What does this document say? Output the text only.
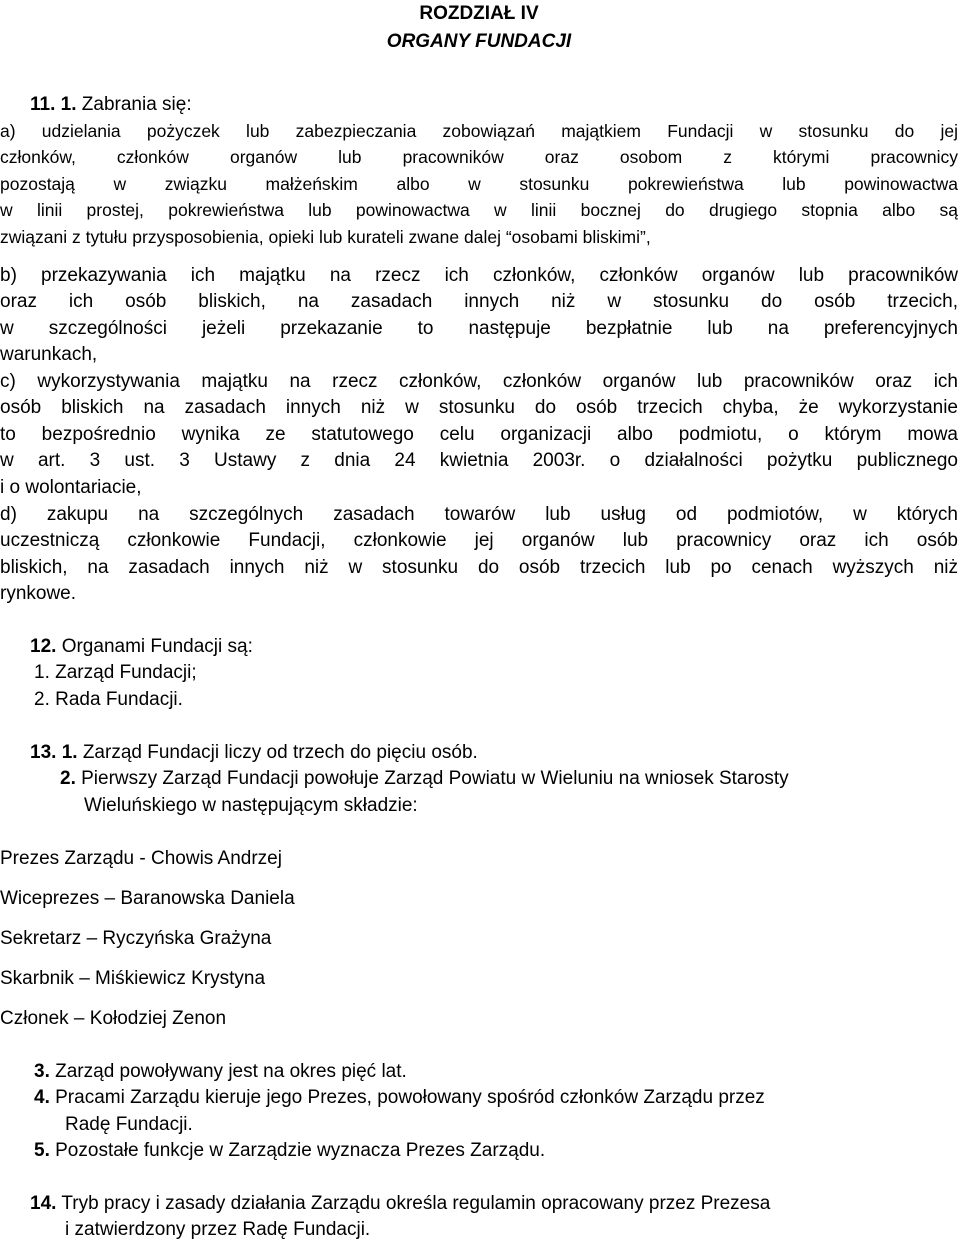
ROZDZIAŁ IV

ORGANY FUNDACJI

11. 1. Zabrania się:
a) udzielania pożyczek lub zabezpieczania zobowiązań majątkiem Fundacji w stosunku do jej
członków, członków organów lub pracowników oraz osobom z którymi pracownicy
pozostają w związku małżeńskim albo w stosunku pokrewieństwa lub powinowactwa
w linii prostej, pokrewieństwa lub powinowactwa w linii bocznej do drugiego stopnia albo są
związani z tytułu przysposobienia, opieki lub kurateli zwane dalej “osobami bliskimi”,
b) przekazywania ich majątku na rzecz ich członków, członków organów lub pracowników
oraz ich osób bliskich, na zasadach innych niż w stosunku do osób trzecich,
w szczególności jeżeli przekazanie to następuje bezpłatnie lub na preferencyjnych
warunkach,
c) wykorzystywania majątku na rzecz członków, członków organów lub pracowników oraz ich
osób bliskich na zasadach innych niż w stosunku do osób trzecich chyba, że wykorzystanie
to bezpośrednio wynika ze statutowego celu organizacji albo podmiotu, o którym mowa
w art. 3 ust. 3 Ustawy z dnia 24 kwietnia 2003r. o działalności pożytku publicznego
i o wolontariacie,
d) zakupu na szczególnych zasadach towarów lub usług od podmiotów, w których
uczestniczą członkowie Fundacji, członkowie jej organów lub pracownicy oraz ich osób
bliskich, na zasadach innych niż w stosunku do osób trzecich lub po cenach wyższych niż
rynkowe.
12. Organami Fundacji są:
1. Zarząd Fundacji;
2. Rada Fundacji.
13. 1. Zarząd Fundacji liczy od trzech do pięciu osób.
2. Pierwszy Zarząd Fundacji powołuje Zarząd Powiatu w Wieluniu na wniosek Starosty
Wieluńskiego w następującym składzie:
Prezes Zarządu - Chowis Andrzej
Wiceprezes – Baranowska Daniela
Sekretarz – Ryczyńska Grażyna
Skarbnik – Miśkiewicz Krystyna
Członek – Kołodziej Zenon
3. Zarząd powoływany jest na okres pięć lat.
4. Pracami Zarządu kieruje jego Prezes, powołowany spośród członków Zarządu przez
Radę Fundacji.
5. Pozostałe funkcje w Zarządzie wyznacza Prezes Zarządu.
14. Tryb pracy i zasady działania Zarządu określa regulamin opracowany przez Prezesa
i zatwierdzony przez Radę Fundacji.
